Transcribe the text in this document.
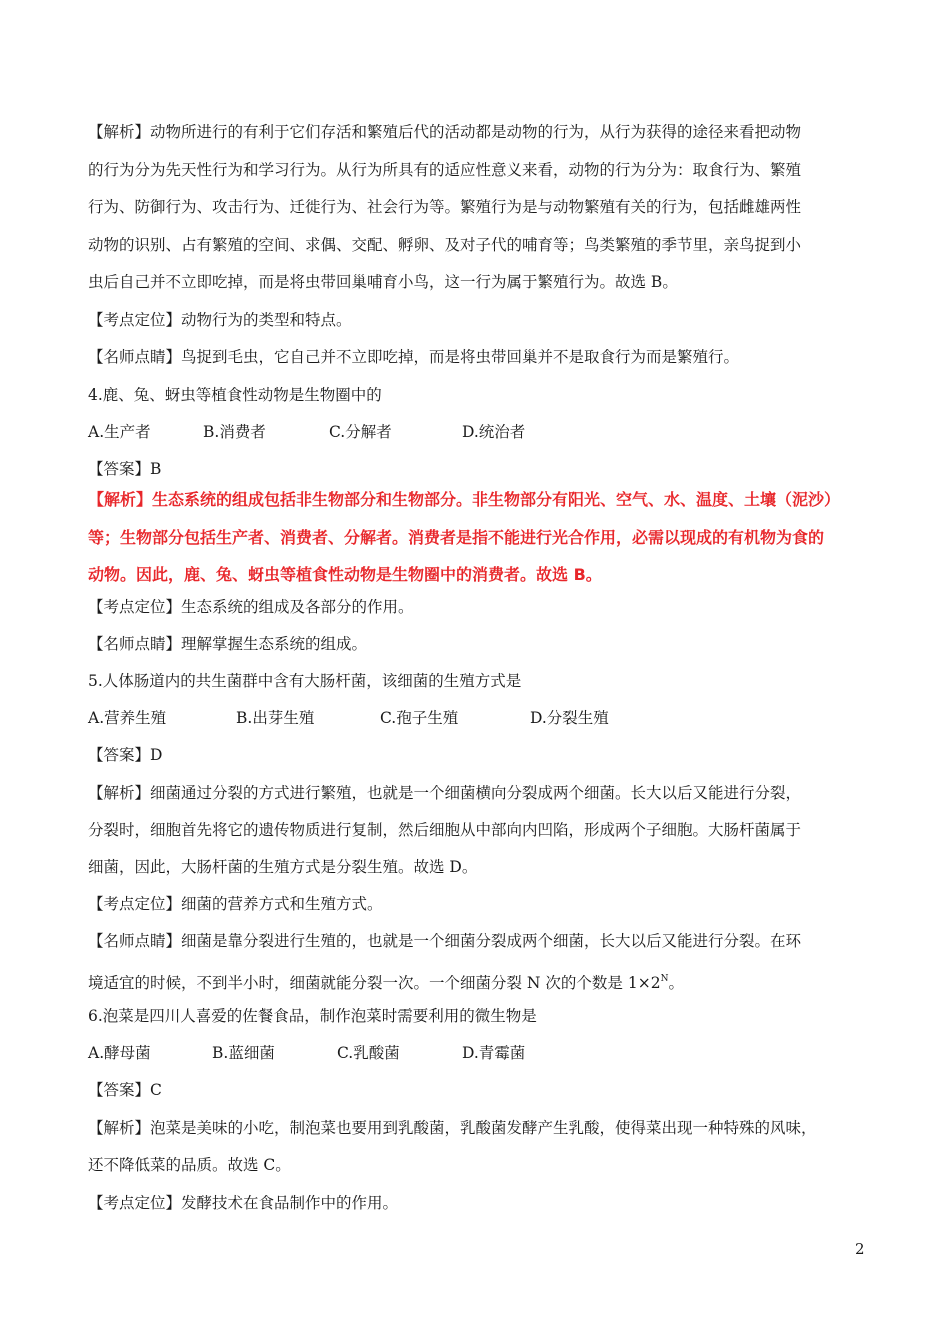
【解析】动物所进行的有利于它们存活和繁殖后代的活动都是动物的行为，从行为获得的途径来看把动物
的行为分为先天性行为和学习行为。从行为所具有的适应性意义来看，动物的行为分为：取食行为、繁殖
行为、防御行为、攻击行为、迁徙行为、社会行为等。繁殖行为是与动物繁殖有关的行为，包括雌雄两性
动物的识别、占有繁殖的空间、求偶、交配、孵卵、及对子代的哺育等；鸟类繁殖的季节里，亲鸟捉到小
虫后自己并不立即吃掉，而是将虫带回巢哺育小鸟，这一行为属于繁殖行为。故选 B。
【考点定位】动物行为的类型和特点。
【名师点睛】鸟捉到毛虫，它自己并不立即吃掉，而是将虫带回巢并不是取食行为而是繁殖行。
4.鹿、兔、蚜虫等植食性动物是生物圈中的
A.生产者	B.消费者	C.分解者	D.统治者
【答案】B
【解析】生态系统的组成包括非生物部分和生物部分。非生物部分有阳光、空气、水、温度、土壤（泥沙）
等；生物部分包括生产者、消费者、分解者。消费者是指不能进行光合作用，必需以现成的有机物为食的
动物。因此，鹿、兔、蚜虫等植食性动物是生物圈中的消费者。故选 B。
【考点定位】生态系统的组成及各部分的作用。
【名师点睛】理解掌握生态系统的组成。
5.人体肠道内的共生菌群中含有大肠杆菌，该细菌的生殖方式是
A.营养生殖	B.出芽生殖	C.孢子生殖	D.分裂生殖
【答案】D
【解析】细菌通过分裂的方式进行繁殖，也就是一个细菌横向分裂成两个细菌。长大以后又能进行分裂，
分裂时，细胞首先将它的遗传物质进行复制，然后细胞从中部向内凹陷，形成两个子细胞。大肠杆菌属于
细菌，因此，大肠杆菌的生殖方式是分裂生殖。故选 D。
【考点定位】细菌的营养方式和生殖方式。
【名师点睛】细菌是靠分裂进行生殖的，也就是一个细菌分裂成两个细菌，长大以后又能进行分裂。在环
境适宜的时候，不到半小时，细菌就能分裂一次。一个细菌分裂 N 次的个数是 $1\times 2^N$。
6.泡菜是四川人喜爱的佐餐食品，制作泡菜时需要利用的微生物是
A.酵母菌	B.蓝细菌	C.乳酸菌	D.青霉菌
【答案】C
【解析】泡菜是美味的小吃，制泡菜也要用到乳酸菌，乳酸菌发酵产生乳酸，使得菜出现一种特殊的风味，
还不降低菜的品质。故选 C。
【考点定位】发酵技术在食品制作中的作用。
2
